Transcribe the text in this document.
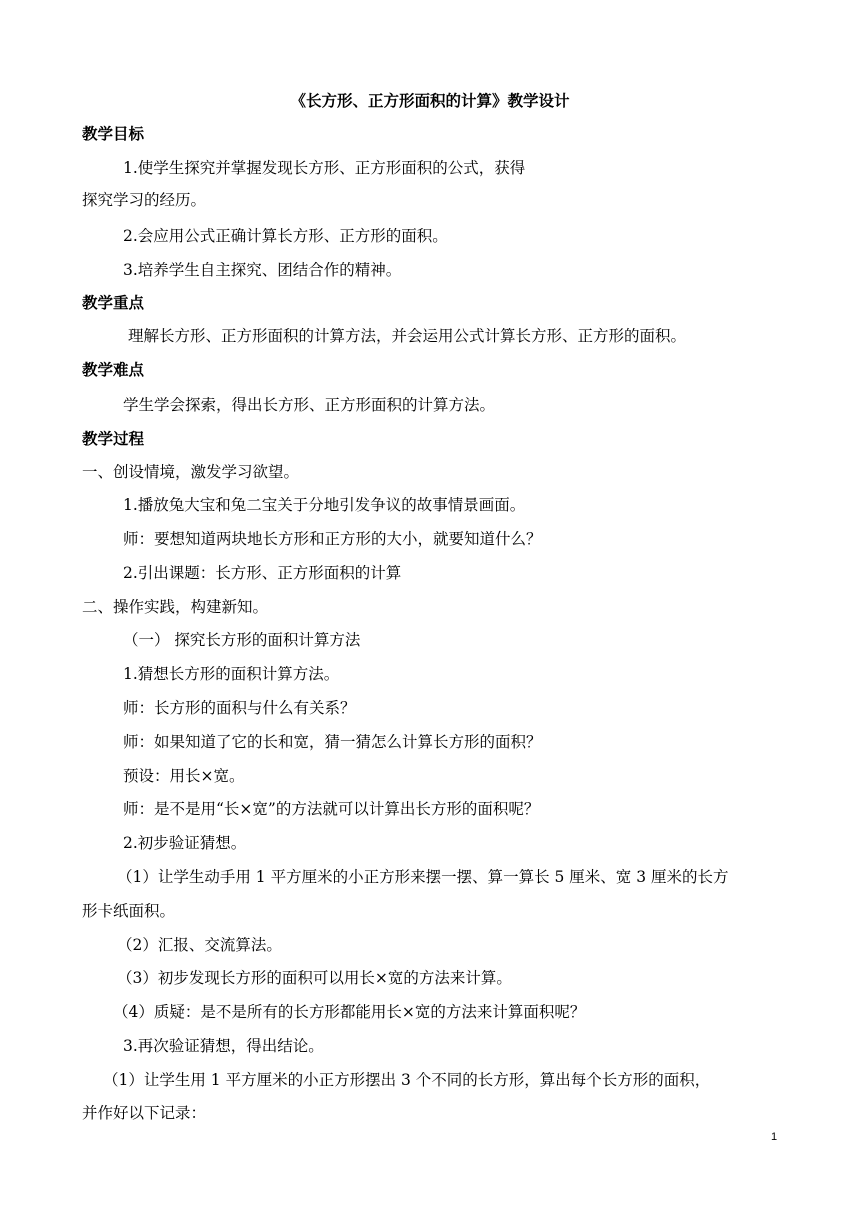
《长方形、正方形面积的计算》教学设计
教学目标
1.使学生探究并掌握发现长方形、正方形面积的公式，获得
探究学习的经历。
2.会应用公式正确计算长方形、正方形的面积。
3.培养学生自主探究、团结合作的精神。
教学重点
理解长方形、正方形面积的计算方法，并会运用公式计算长方形、正方形的面积。
教学难点
学生学会探索，得出长方形、正方形面积的计算方法。
教学过程
一、创设情境，激发学习欲望。
1.播放兔大宝和兔二宝关于分地引发争议的故事情景画面。
师：要想知道两块地长方形和正方形的大小，就要知道什么？
2.引出课题：长方形、正方形面积的计算
二、操作实践，构建新知。
（一） 探究长方形的面积计算方法
1.猜想长方形的面积计算方法。
师：长方形的面积与什么有关系？
师：如果知道了它的长和宽，猜一猜怎么计算长方形的面积？
预设：用长×宽。
师：是不是用“长×宽”的方法就可以计算出长方形的面积呢？
2.初步验证猜想。
（1）让学生动手用 1 平方厘米的小正方形来摆一摆、算一算长 5 厘米、宽 3 厘米的长方
形卡纸面积。
（2）汇报、交流算法。
（3）初步发现长方形的面积可以用长×宽的方法来计算。
（4）质疑：是不是所有的长方形都能用长×宽的方法来计算面积呢？
3.再次验证猜想，得出结论。
（1）让学生用 1 平方厘米的小正方形摆出 3 个不同的长方形，算出每个长方形的面积，
并作好以下记录：
1
